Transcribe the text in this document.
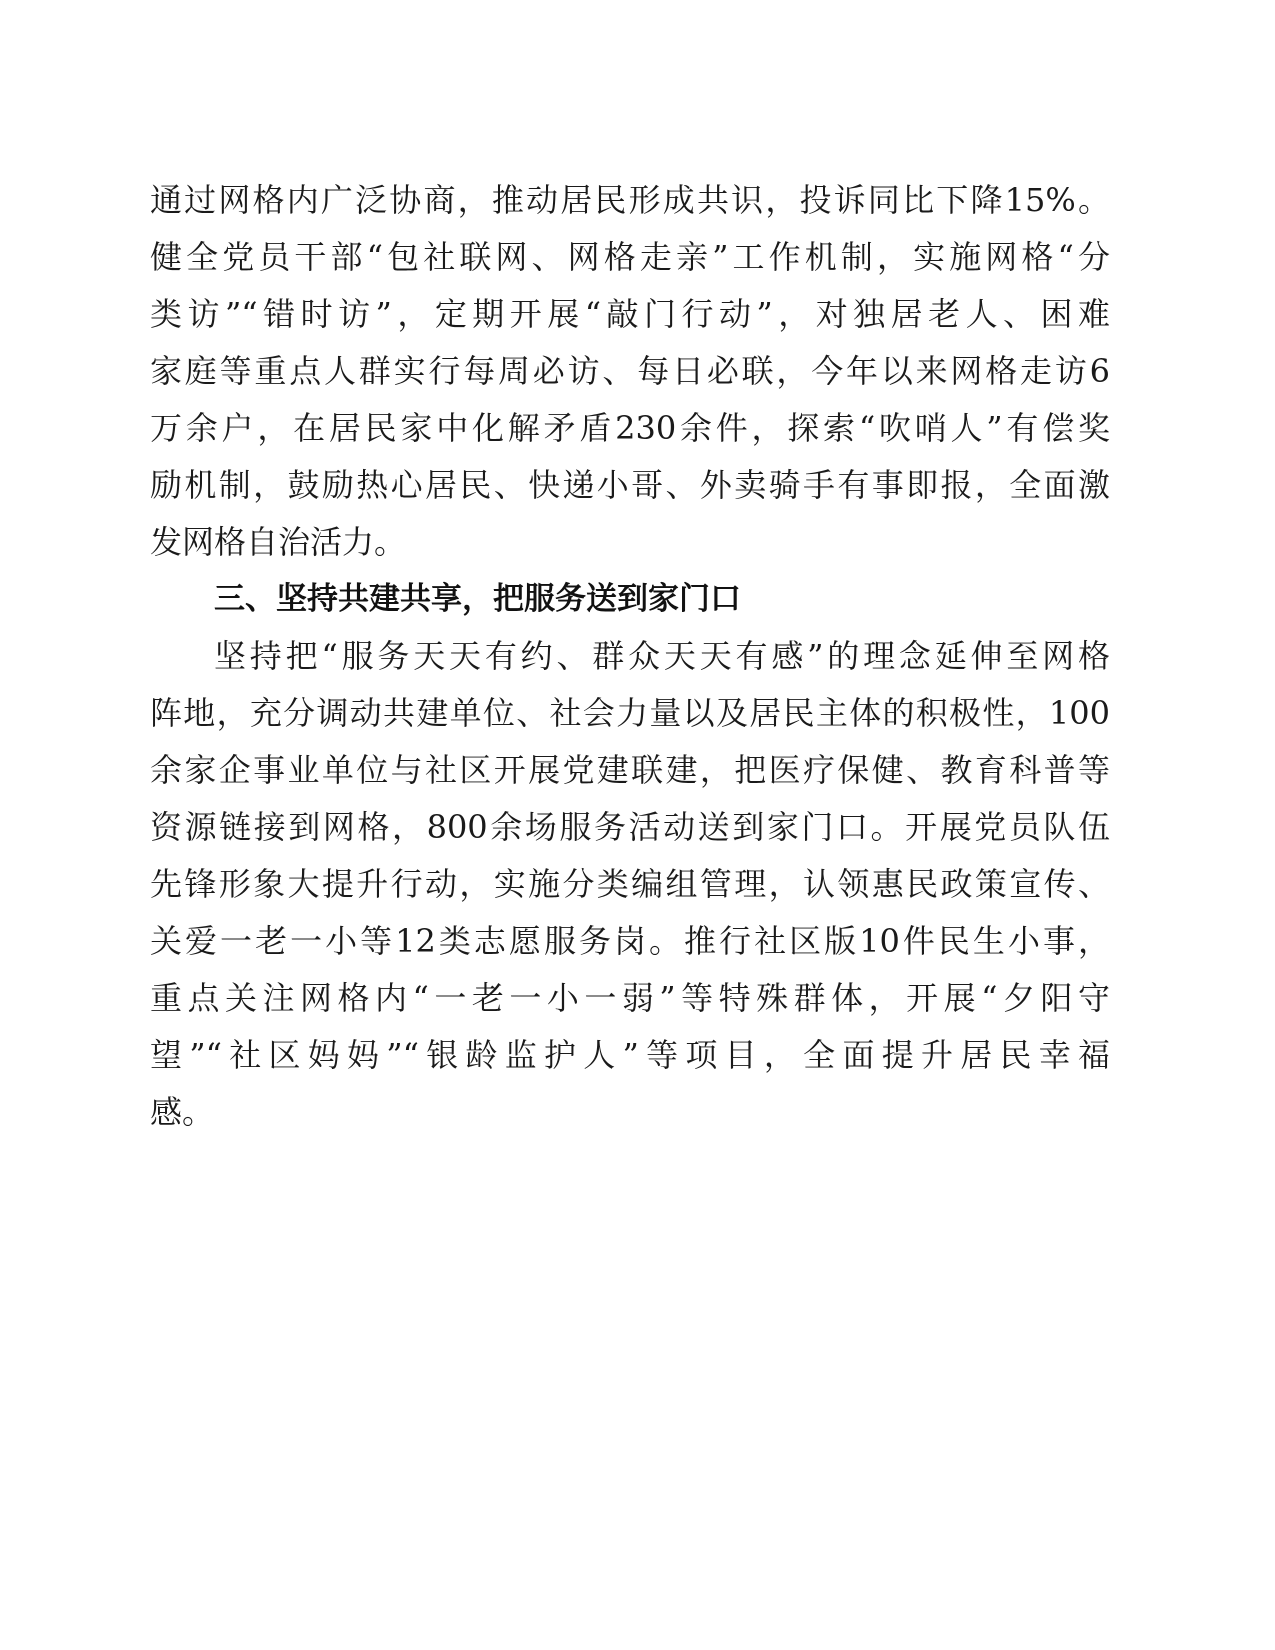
通过网格内广泛协商，推动居民形成共识，投诉同比下降15%。
健全党员干部“包社联网、网格走亲”工作机制，实施网格“分
类访”“错时访”，定期开展“敲门行动”，对独居老人、困难
家庭等重点人群实行每周必访、每日必联，今年以来网格走访6
万余户，在居民家中化解矛盾230余件，探索“吹哨人”有偿奖
励机制，鼓励热心居民、快递小哥、外卖骑手有事即报，全面激
发网格自治活力。
三、坚持共建共享，把服务送到家门口
坚持把“服务天天有约、群众天天有感”的理念延伸至网格
阵地，充分调动共建单位、社会力量以及居民主体的积极性，100
余家企事业单位与社区开展党建联建，把医疗保健、教育科普等
资源链接到网格，800余场服务活动送到家门口。开展党员队伍
先锋形象大提升行动，实施分类编组管理，认领惠民政策宣传、
关爱一老一小等12类志愿服务岗。推行社区版10件民生小事，
重点关注网格内“一老一小一弱”等特殊群体，开展“夕阳守
望”“社区妈妈”“银龄监护人”等项目，全面提升居民幸福
感。
